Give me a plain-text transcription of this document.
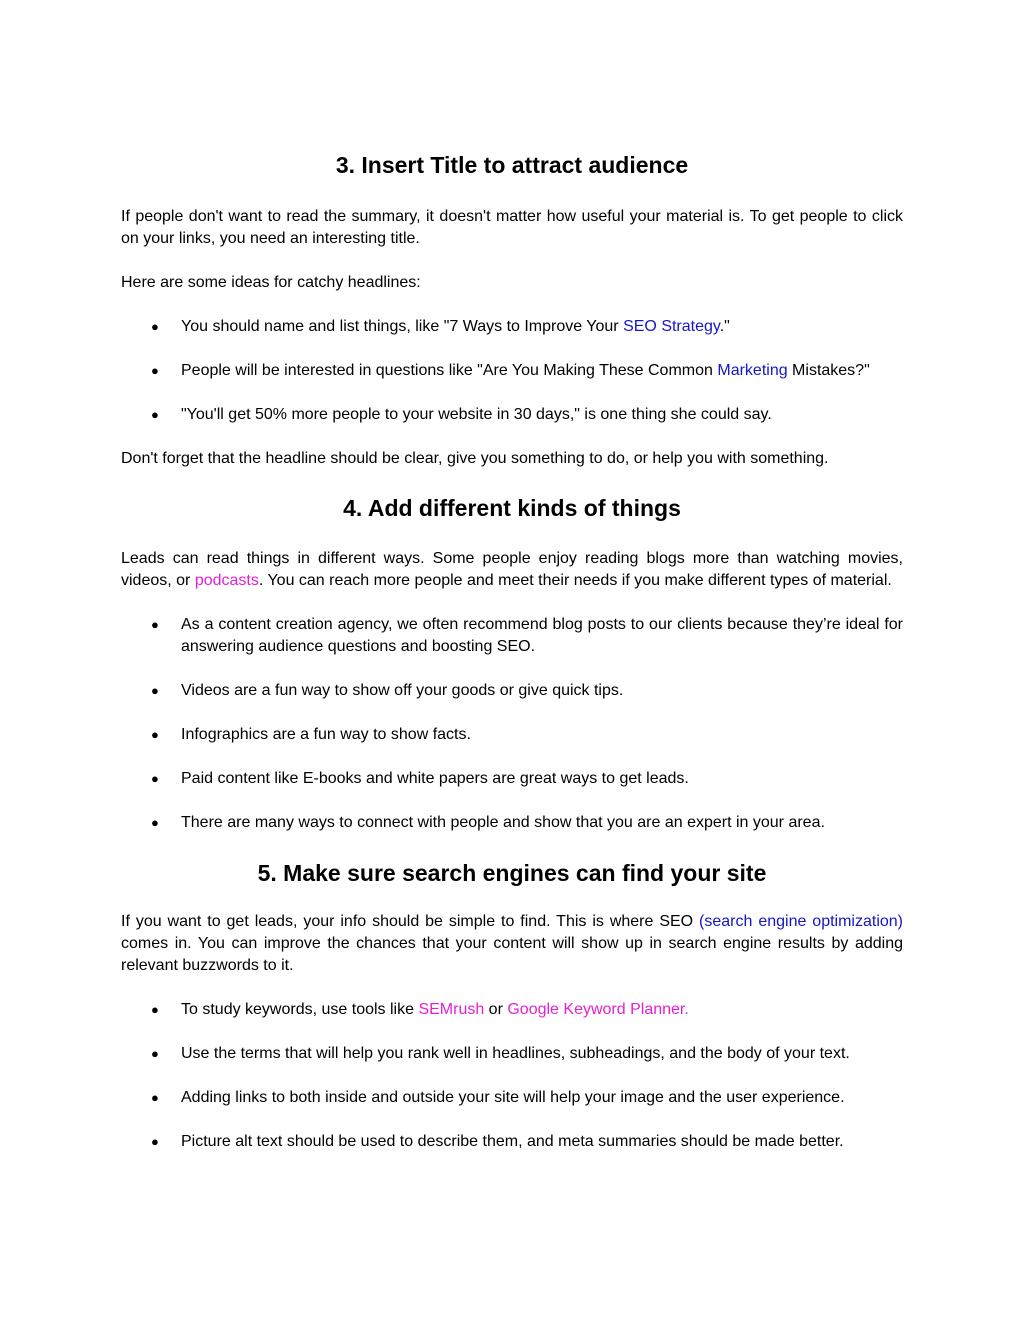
3. Insert Title to attract audience

If people don't want to read the summary, it doesn't matter how useful your material is. To get people to click on your links, you need an interesting title.

Here are some ideas for catchy headlines:

● You should name and list things, like "7 Ways to Improve Your SEO Strategy."

● People will be interested in questions like "Are You Making These Common Marketing Mistakes?"

● "You'll get 50% more people to your website in 30 days," is one thing she could say.

Don't forget that the headline should be clear, give you something to do, or help you with something.

4. Add different kinds of things

Leads can read things in different ways. Some people enjoy reading blogs more than watching movies, videos, or podcasts. You can reach more people and meet their needs if you make different types of material.

● As a content creation agency, we often recommend blog posts to our clients because they’re ideal for answering audience questions and boosting SEO.

● Videos are a fun way to show off your goods or give quick tips.

● Infographics are a fun way to show facts.

● Paid content like E-books and white papers are great ways to get leads.

● There are many ways to connect with people and show that you are an expert in your area.

5. Make sure search engines can find your site

If you want to get leads, your info should be simple to find. This is where SEO (search engine optimization) comes in. You can improve the chances that your content will show up in search engine results by adding relevant buzzwords to it.

● To study keywords, use tools like SEMrush or Google Keyword Planner.

● Use the terms that will help you rank well in headlines, subheadings, and the body of your text.

● Adding links to both inside and outside your site will help your image and the user experience.

● Picture alt text should be used to describe them, and meta summaries should be made better.
